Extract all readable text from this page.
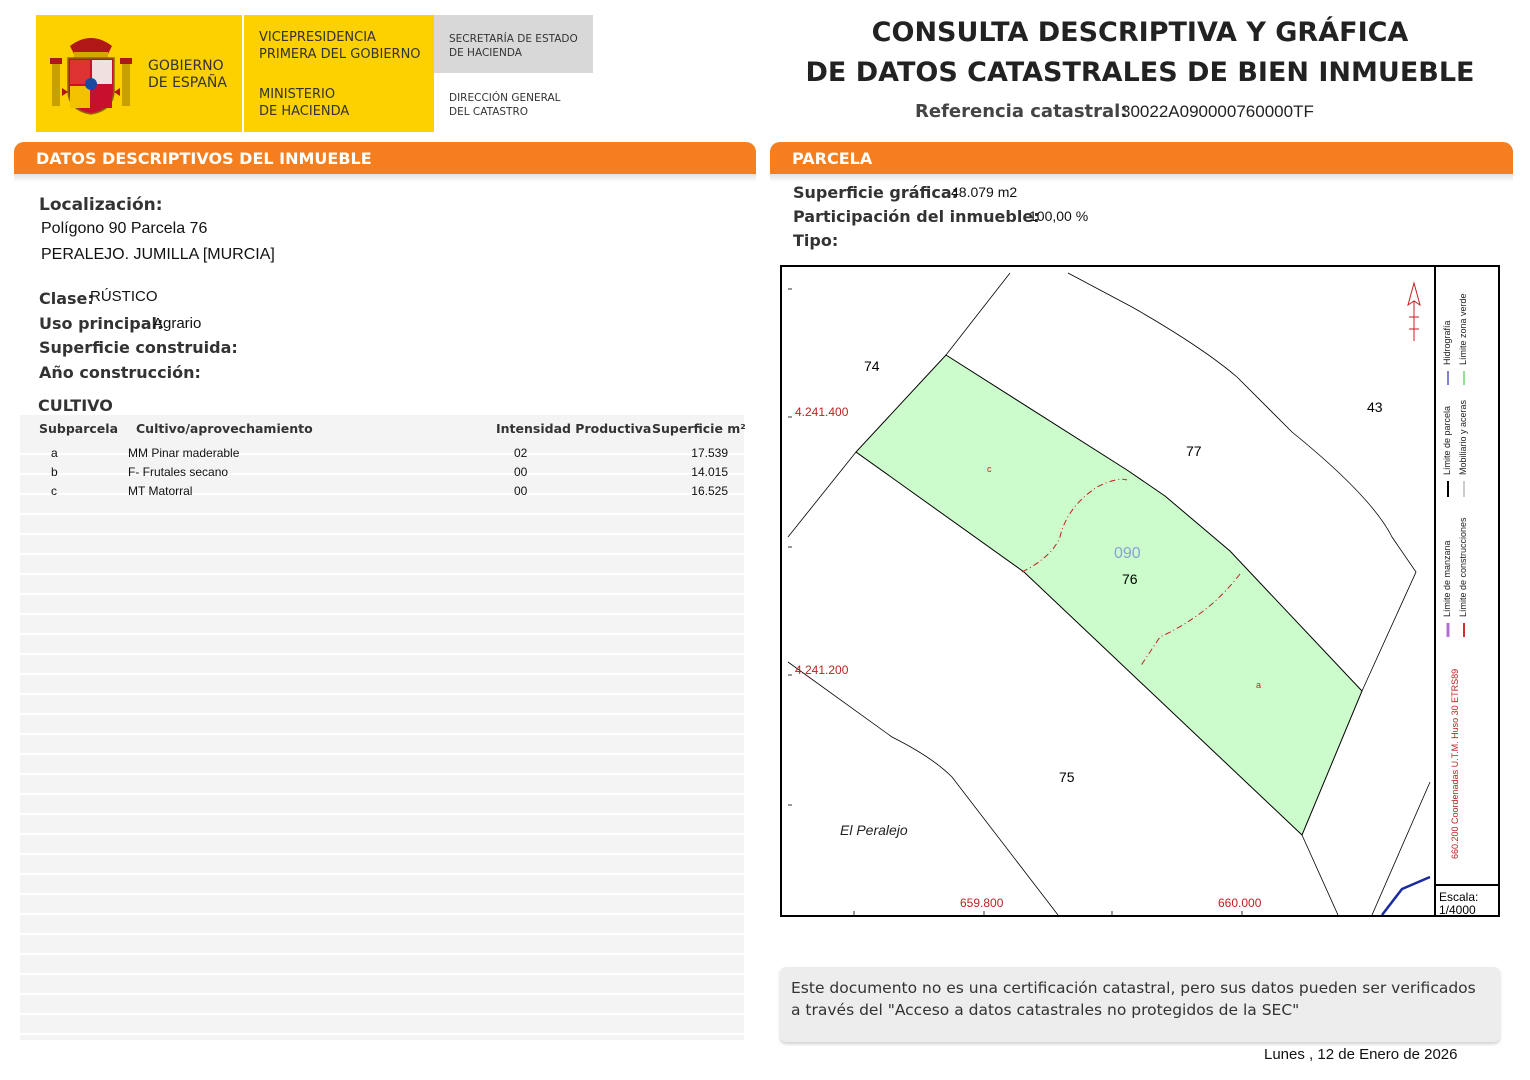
GOBIERNO
DE ESPAÑA
VICEPRESIDENCIA
PRIMERA DEL GOBIERNO
MINISTERIO
DE HACIENDA
SECRETARÍA DE ESTADO
DE HACIENDA
DIRECCIÓN GENERAL
DEL CATASTRO
CONSULTA DESCRIPTIVA Y GRÁFICA
DE DATOS CATASTRALES DE BIEN INMUEBLE
Referencia catastral:
30022A090000760000TF
DATOS DESCRIPTIVOS DEL INMUEBLE
Localización:
Polígono 90 Parcela 76
PERALEJO. JUMILLA [MURCIA]
Clase:
RÚSTICO
Uso principal:
Agrario
Superficie construida:
Año construcción:
CULTIVO
Subparcela Cultivo/aprovechamiento	Intensidad Productiva Superficie m²
a	MM Pinar maderable	02	17.539
b	F- Frutales secano	00	14.015
c	MT Matorral	00	16.525
PARCELA
Superficie gráfica:
48.079 m2
Participación del inmueble:
100,00 %
Tipo:
74
43
77
090
76
75
c
a
El Peralejo
4.241.400
4.241.200
659.800	660.000
Hidrografía Límite zona verde
Límite de parcela Mobiliario y aceras
Límite de manzana Límite de construcciones
660.200 Coordenadas U.T.M. Huso 30 ETRS89
Escala:
1/4000
Este documento no es una certificación catastral, pero sus datos pueden ser verificados a través del "Acceso a datos catastrales no protegidos de la SEC"
Lunes , 12 de Enero de 2026
